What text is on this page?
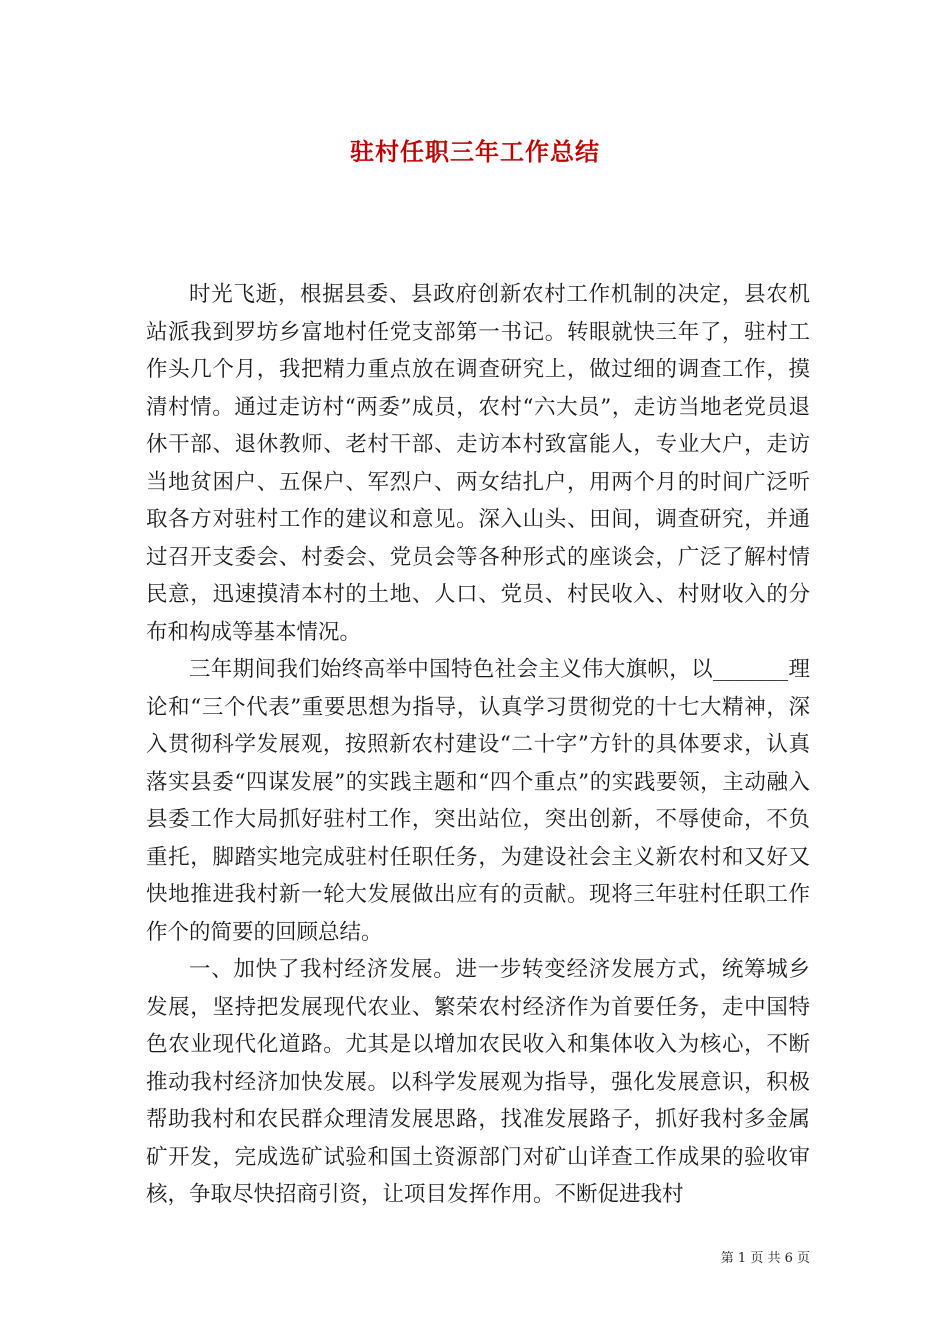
驻村任职三年工作总结

时光飞逝，根据县委、县政府创新农村工作机制的决定，县农机站派我到罗坊乡富地村任党支部第一书记。转眼就快三年了，驻村工作头几个月，我把精力重点放在调查研究上，做过细的调查工作，摸清村情。通过走访村“两委”成员，农村“六大员”，走访当地老党员退休干部、退休教师、老村干部、走访本村致富能人，专业大户，走访当地贫困户、五保户、军烈户、两女结扎户，用两个月的时间广泛听取各方对驻村工作的建议和意见。深入山头、田间，调查研究，并通过召开支委会、村委会、党员会等各种形式的座谈会，广泛了解村情民意，迅速摸清本村的土地、人口、党员、村民收入、村财收入的分布和构成等基本情况。

三年期间我们始终高举中国特色社会主义伟大旗帜，以_______理论和“三个代表”重要思想为指导，认真学习贯彻党的十七大精神，深入贯彻科学发展观，按照新农村建设“二十字”方针的具体要求，认真落实县委“四谋发展”的实践主题和“四个重点”的实践要领，主动融入县委工作大局抓好驻村工作，突出站位，突出创新，不辱使命，不负重托，脚踏实地完成驻村任职任务，为建设社会主义新农村和又好又快地推进我村新一轮大发展做出应有的贡献。现将三年驻村任职工作作个的简要的回顾总结。

一、加快了我村经济发展。进一步转变经济发展方式，统筹城乡发展，坚持把发展现代农业、繁荣农村经济作为首要任务，走中国特色农业现代化道路。尤其是以增加农民收入和集体收入为核心，不断推动我村经济加快发展。以科学发展观为指导，强化发展意识，积极帮助我村和农民群众理清发展思路，找准发展路子，抓好我村多金属矿开发，完成选矿试验和国土资源部门对矿山详查工作成果的验收审核，争取尽快招商引资，让项目发挥作用。不断促进我村

第 1 页 共 6 页
